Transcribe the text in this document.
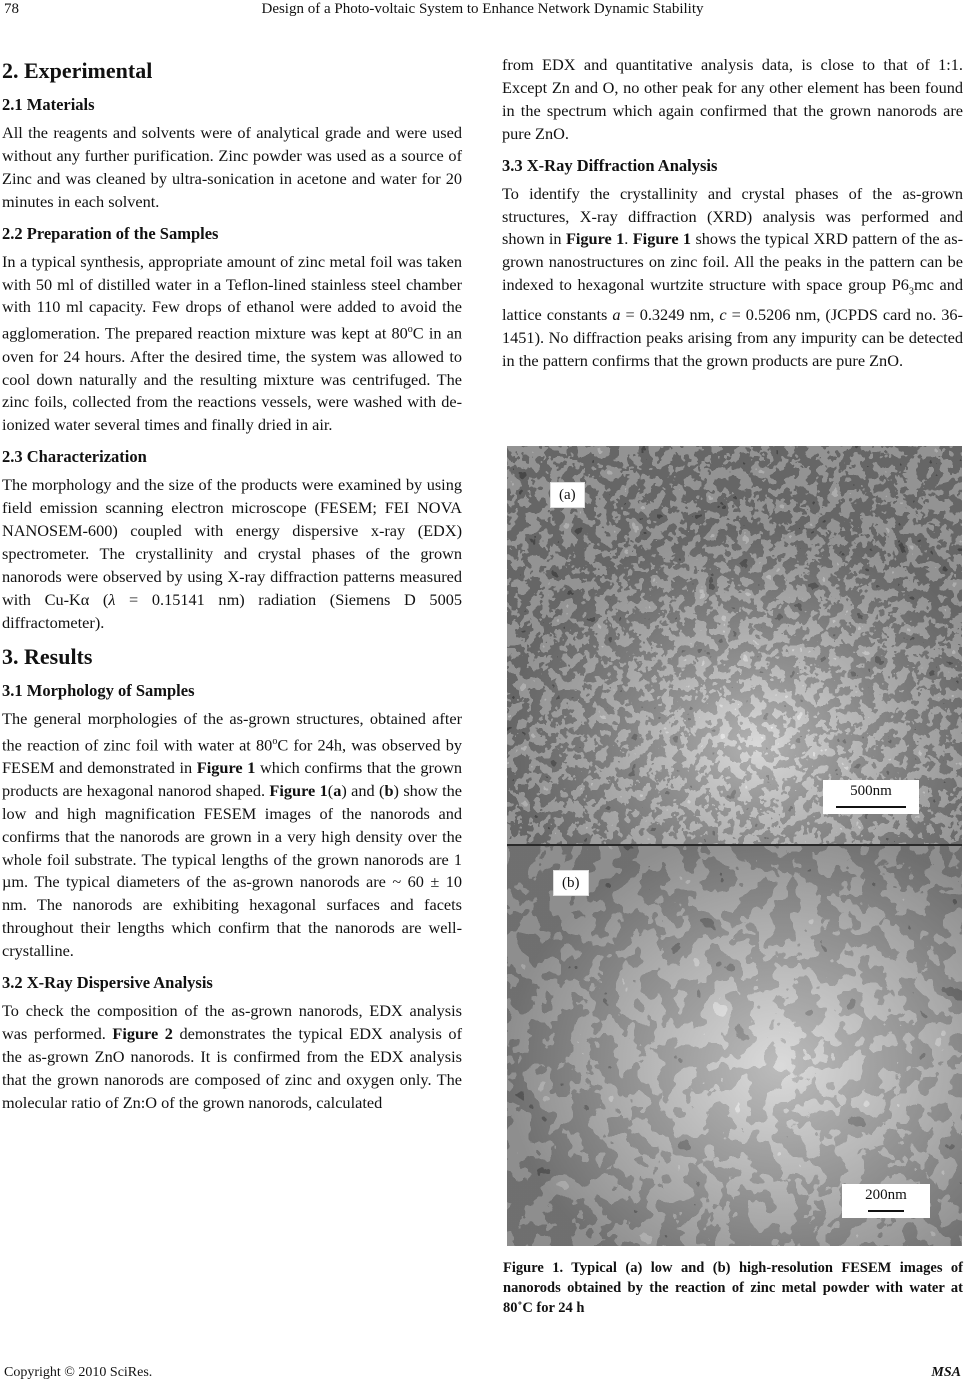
78	Design of a Photo-voltaic System to Enhance Network Dynamic Stability
2. Experimental
2.1 Materials

All the reagents and solvents were of analytical grade and were used without any further purification. Zinc powder was used as a source of Zinc and was cleaned by ultra-sonication in acetone and water for 20 minutes in each solvent.

2.2 Preparation of the Samples

In a typical synthesis, appropriate amount of zinc metal foil was taken with 50 ml of distilled water in a Teflon-lined stainless steel chamber with 110 ml capacity. Few drops of ethanol were added to avoid the agglomeration. The prepared reaction mixture was kept at 80$^o$C in an oven for 24 hours. After the desired time, the system was allowed to cool down naturally and the resulting mixture was centrifuged. The zinc foils, collected from the reactions vessels, were washed with de-ionized water several times and finally dried in air.

2.3 Characterization

The morphology and the size of the products were examined by using field emission scanning electron microscope (FESEM; FEI NOVA NANOSEM-600) coupled with energy dispersive x-ray (EDX) spectrometer. The crystallinity and crystal phases of the grown nanorods were observed by using X-ray diffraction patterns measured with Cu-Kα (λ = 0.15141 nm) radiation (Siemens D 5005 diffractometer).

3. Results
3.1 Morphology of Samples

The general morphologies of the as-grown structures, obtained after the reaction of zinc foil with water at 80$^o$C for 24h, was observed by FESEM and demonstrated in Figure 1 which confirms that the grown products are hexagonal nanorod shaped. Figure 1(a) and (b) show the low and high magnification FESEM images of the nanorods and confirms that the nanorods are grown in a very high density over the whole foil substrate. The typical lengths of the grown nanorods are 1 µm. The typical diameters of the as-grown nanorods are ~ 60 ± 10 nm. The nanorods are exhibiting hexagonal surfaces and facets throughout their lengths which confirm that the nanorods are well-crystalline.

3.2 X-Ray Dispersive Analysis

To check the composition of the as-grown nanorods, EDX analysis was performed. Figure 2 demonstrates the typical EDX analysis of the as-grown ZnO nanorods. It is confirmed from the EDX analysis that the grown nanorods are composed of zinc and oxygen only. The molecular ratio of Zn:O of the grown nanorods, calculated

from EDX and quantitative analysis data, is close to that of 1:1. Except Zn and O, no other peak for any other element has been found in the spectrum which again confirmed that the grown nanorods are pure ZnO.

3.3 X-Ray Diffraction Analysis

To identify the crystallinity and crystal phases of the as-grown structures, X-ray diffraction (XRD) analysis was performed and shown in Figure 1. Figure 1 shows the typical XRD pattern of the as-grown nanostructures on zinc foil. All the peaks in the pattern can be indexed to hexagonal wurtzite structure with space group $P6_3mc$ and lattice constants a = 0.3249 nm, c = 0.5206 nm, (JCPDS card no. 36-1451). No diffraction peaks arising from any impurity can be detected in the pattern confirms that the grown products are pure ZnO.

(a)
500nm
(b)
200nm
Figure 1. Typical (a) low and (b) high-resolution FESEM images of nanorods obtained by the reaction of zinc metal powder with water at 80˚C for 24 h
Copyright © 2010 SciRes.	MSA
